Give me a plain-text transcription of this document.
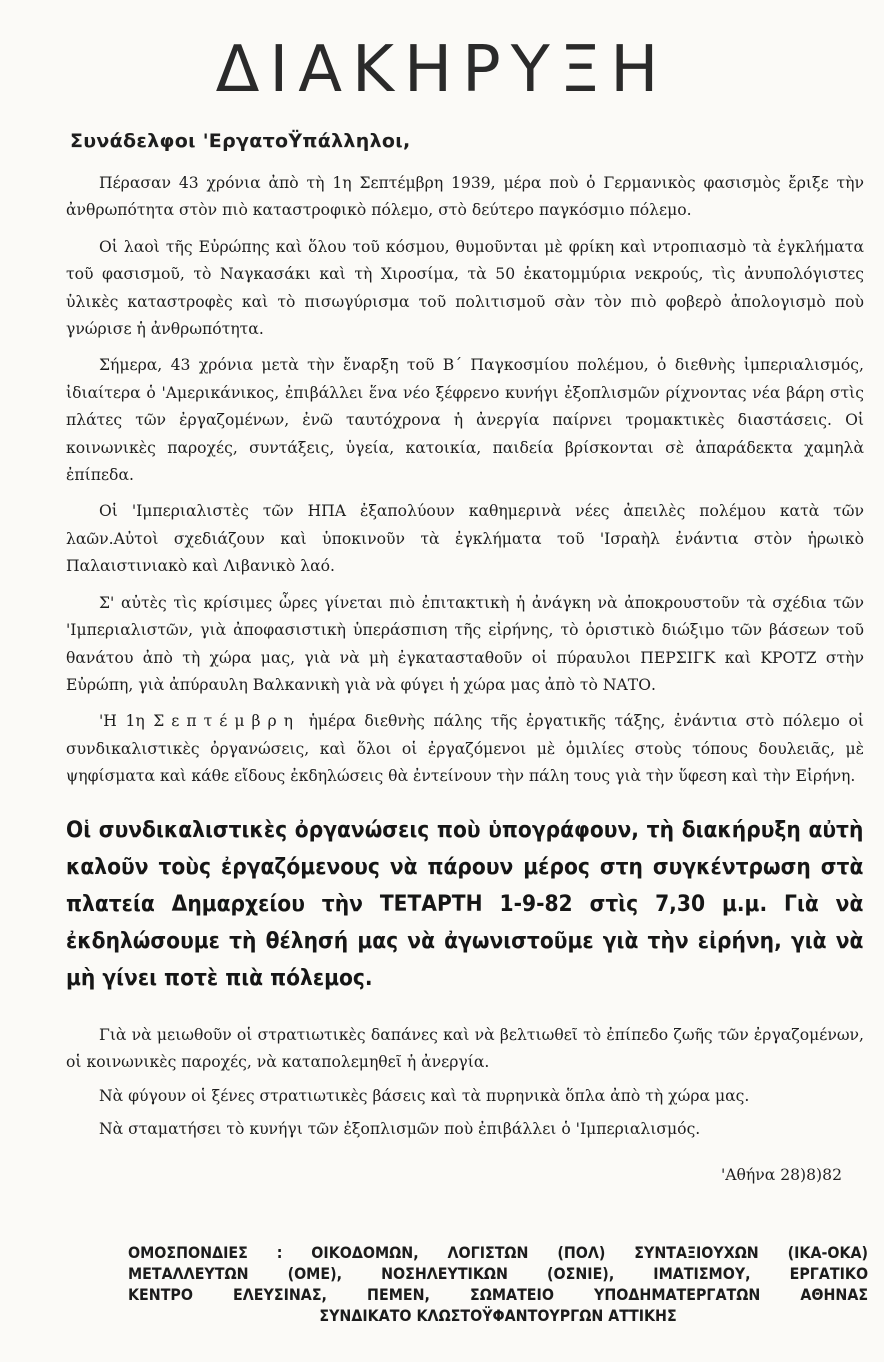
ΔΙΑΚΗΡΥΞΗ
Συνάδελφοι 'ΕργατοΫπάλληλοι,

Πέρασαν 43 χρόνια ἀπὸ τὴ 1η Σεπτέμβρη 1939, μέρα ποὺ ὁ Γερμανικὸς φασισμὸς ἔριξε τὴν ἀνθρωπότητα στὸν πιὸ καταστροφικὸ πόλεμο, στὸ δεύτερο παγκόσμιο πόλεμο.

Οἱ λαοὶ τῆς Εὐρώπης καὶ ὅλου τοῦ κόσμου, θυμοῦνται μὲ φρίκη καὶ ντροπιασμὸ τὰ ἐγκλήματα τοῦ φασισμοῦ, τὸ Ναγκασάκι καὶ τὴ Χιροσίμα, τὰ 50 ἑκατομμύρια νεκρούς, τὶς ἀνυπολόγιστες ὑλικὲς καταστροφὲς καὶ τὸ πισωγύρισμα τοῦ πολιτισμοῦ σὰν τὸν πιὸ φοβερὸ ἀπολογισμὸ ποὺ γνώρισε ἡ ἀνθρωπότητα.

Σήμερα, 43 χρόνια μετὰ τὴν ἔναρξη τοῦ Β΄ Παγκοσμίου πολέμου, ὁ διεθνὴς ἰμπεριαλισμός, ἰδιαίτερα ὁ 'Αμερικάνικος, ἐπιβάλλει ἕνα νέο ξέφρενο κυνήγι ἐξοπλισμῶν ρίχνοντας νέα βάρη στὶς πλάτες τῶν ἐργαζομένων, ἐνῶ ταυτόχρονα ἡ ἀνεργία παίρνει τρομακτικὲς διαστάσεις. Οἱ κοινωνικὲς παροχές, συντάξεις, ὑγεία, κατοικία, παιδεία βρίσκονται σὲ ἀπαράδεκτα χαμηλὰ ἐπίπεδα.

Οἱ 'Ιμπεριαλιστὲς τῶν ΗΠΑ ἐξαπολύουν καθημερινὰ νέες ἀπειλὲς πολέμου κατὰ τῶν λαῶν.Αὐτοὶ σχεδιάζουν καὶ ὑποκινοῦν τὰ ἐγκλήματα τοῦ 'Ισραὴλ ἐνάντια στὸν ἡρωικὸ Παλαιστινιακὸ καὶ Λιβανικὸ λαό.

Σ' αὐτὲς τὶς κρίσιμες ὧρες γίνεται πιὸ ἐπιτακτικὴ ἡ ἀνάγκη νὰ ἀποκρουστοῦν τὰ σχέδια τῶν 'Ιμπεριαλιστῶν, γιὰ ἀποφασιστικὴ ὑπεράσπιση τῆς εἰρήνης, τὸ ὁριστικὸ διώξιμο τῶν βάσεων τοῦ θανάτου ἀπὸ τὴ χώρα μας, γιὰ νὰ μὴ ἐγκατασταθοῦν οἱ πύραυλοι ΠΕΡΣΙΓΚ καὶ ΚΡΟΤΖ στὴν Εὐρώπη, γιὰ ἀπύραυλη Βαλκανικὴ γιὰ νὰ φύγει ἡ χώρα μας ἀπὸ τὸ ΝΑΤΟ.

'Η 1η Σεπτέμβρη ἡμέρα διεθνὴς πάλης τῆς ἐργατικῆς τάξης, ἐνάντια στὸ πόλεμο οἱ συνδικαλιστικὲς ὀργανώσεις, καὶ ὅλοι οἱ ἐργαζόμενοι μὲ ὁμιλίες στοὺς τόπους δουλειᾶς, μὲ ψηφίσματα καὶ κάθε εἴδους ἐκδηλώσεις θὰ ἐντείνουν τὴν πάλη τους γιὰ τὴν ὕφεση καὶ τὴν Εἰρήνη.

Οἱ συνδικαλιστικὲς ὀργανώσεις ποὺ ὑπογράφουν, τὴ διακήρυξη αὐτὴ καλοῦν τοὺς ἐργαζόμενους νὰ πάρουν μέρος στη συγκέντρωση στὰ πλατεία Δημαρχείου τὴν ΤΕΤΑΡΤΗ 1-9-82 στὶς 7,30 μ.μ. Γιὰ νὰ ἐκδηλώσουμε τὴ θέλησή μας νὰ ἀγωνιστοῦμε γιὰ τὴν εἰρήνη, γιὰ νὰ μὴ γίνει ποτὲ πιὰ πόλεμος.

Γιὰ νὰ μειωθοῦν οἱ στρατιωτικὲς δαπάνες καὶ νὰ βελτιωθεῖ τὸ ἐπίπεδο ζωῆς τῶν ἐργαζομένων, οἱ κοινωνικὲς παροχές, νὰ καταπολεμηθεῖ ἡ ἀνεργία.

Νὰ φύγουν οἱ ξένες στρατιωτικὲς βάσεις καὶ τὰ πυρηνικὰ ὅπλα ἀπὸ τὴ χώρα μας.

Νὰ σταματήσει τὸ κυνήγι τῶν ἐξοπλισμῶν ποὺ ἐπιβάλλει ὁ 'Ιμπεριαλισμός.

'Αθήνα 28)8)82
ΟΜΟΣΠΟΝΔΙΕΣ : ΟΙΚΟΔΟΜΩΝ, ΛΟΓΙΣΤΩΝ (ΠΟΛ) ΣΥΝΤΑΞΙΟΥΧΩΝ (ΙΚΑ-ΟΚΑ)
ΜΕΤΑΛΛΕΥΤΩΝ (ΟΜΕ), ΝΟΣΗΛΕΥΤΙΚΩΝ (ΟΣΝΙΕ), ΙΜΑΤΙΣΜΟΥ, ΕΡΓΑΤΙΚΟ
ΚΕΝΤΡΟ ΕΛΕΥΣΙΝΑΣ, ΠΕΜΕΝ, ΣΩΜΑΤΕΙΟ ΥΠΟΔΗΜΑΤΕΡΓΑΤΩΝ ΑΘΗΝΑΣ
ΣΥΝΔΙΚΑΤΟ ΚΛΩΣΤΟΫΦΑΝΤΟΥΡΓΩΝ ΑΤΤΙΚΗΣ
